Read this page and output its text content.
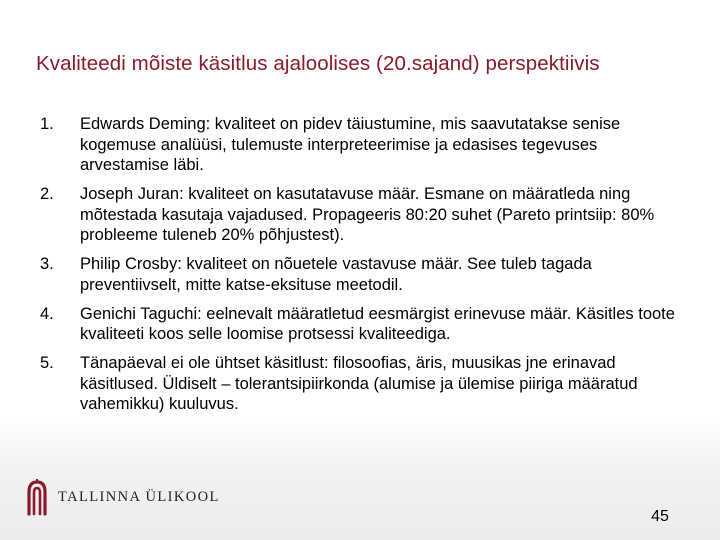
Kvaliteedi mõiste käsitlus ajaloolises (20.sajand) perspektiivis
1. Edwards Deming: kvaliteet on pidev täiustumine, mis saavutatakse senise kogemuse analüüsi, tulemuste interpreteerimise ja edasises tegevuses arvestamise läbi.
2. Joseph Juran: kvaliteet on kasutatavuse määr. Esmane on määratleda ning mõtestada kasutaja vajadused. Propageeris 80:20 suhet (Pareto printsiip: 80% probleeme tuleneb 20% põhjustest).
3. Philip Crosby: kvaliteet on nõuetele vastavuse määr. See tuleb tagada preventiivselt, mitte katse-eksituse meetodil.
4. Genichi Taguchi: eelnevalt määratletud eesmärgist erinevuse määr. Käsitles toote kvaliteeti koos selle loomise protsessi kvaliteediga.
5. Tänapäeval ei ole ühtset käsitlust: filosoofias, äris, muusikas jne erinavad käsitlused. Üldiselt – tolerantsipiirkonda (alumise ja ülemise piiriga määratud vahemikku) kuuluvus.
TALLINNA ÜLIKOOL
45
